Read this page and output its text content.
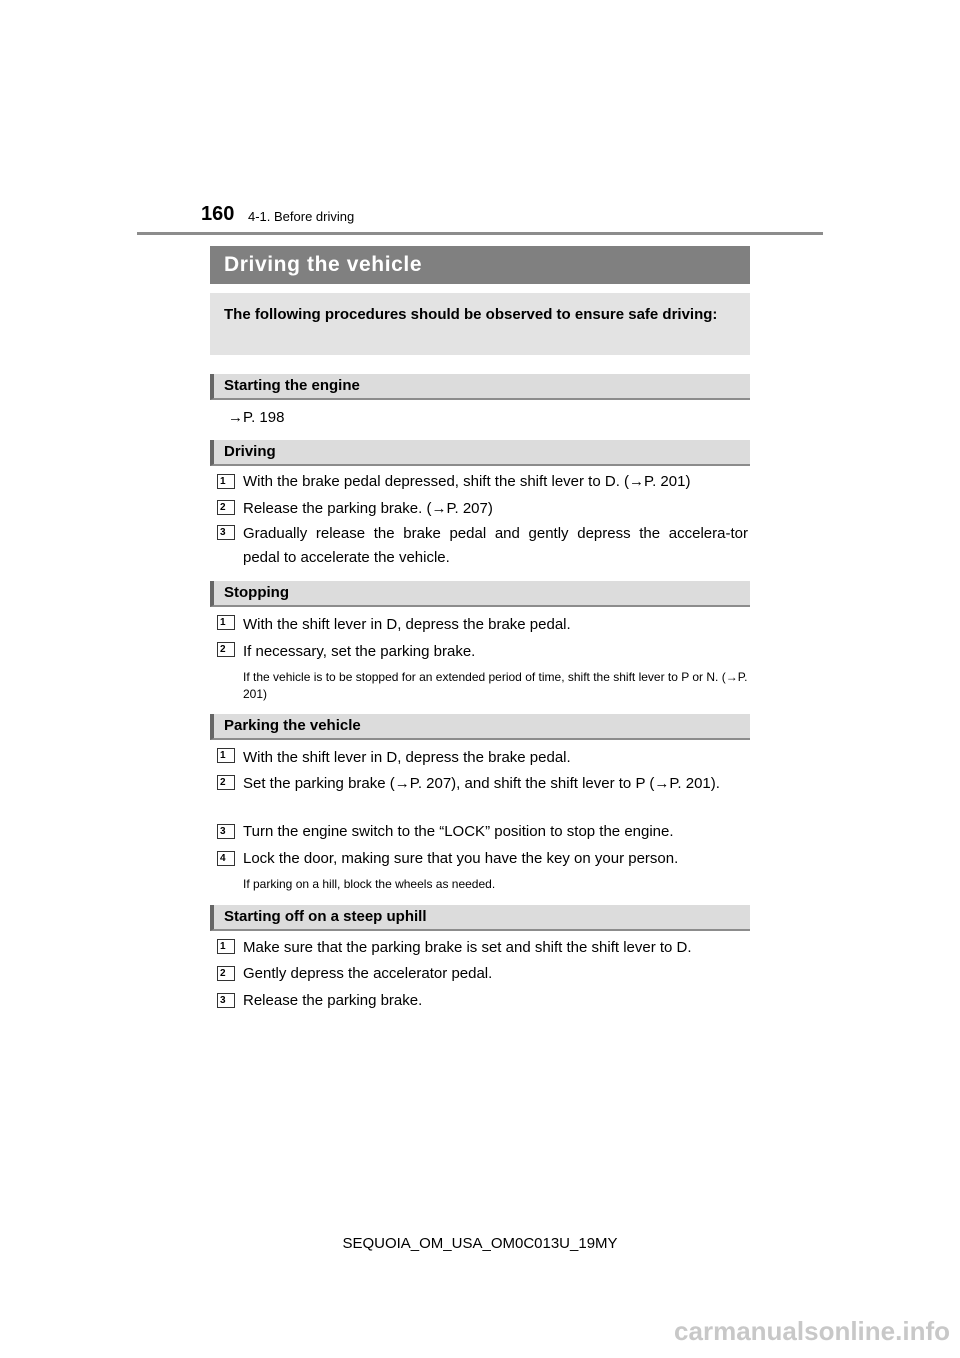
160 4-1. Before driving
Driving the vehicle
The following procedures should be observed to ensure safe driving:
Starting the engine
→P. 198
Driving
1	With the brake pedal depressed, shift the shift lever to D. (→P. 201)
2	Release the parking brake. (→P. 207)
3	Gradually release the brake pedal and gently depress the accelera-tor pedal to accelerate the vehicle.
Stopping
1	With the shift lever in D, depress the brake pedal.
2	If necessary, set the parking brake.
If the vehicle is to be stopped for an extended period of time, shift the shift lever to P or N. (→P. 201)
Parking the vehicle
1	With the shift lever in D, depress the brake pedal.
2	Set the parking brake (→P. 207), and shift the shift lever to P (→P. 201).
3	Turn the engine switch to the “LOCK” position to stop the engine.
4	Lock the door, making sure that you have the key on your person.
If parking on a hill, block the wheels as needed.
Starting off on a steep uphill
1	Make sure that the parking brake is set and shift the shift lever to D.
2	Gently depress the accelerator pedal.
3	Release the parking brake.
SEQUOIA_OM_USA_OM0C013U_19MY
carmanualsonline.info
